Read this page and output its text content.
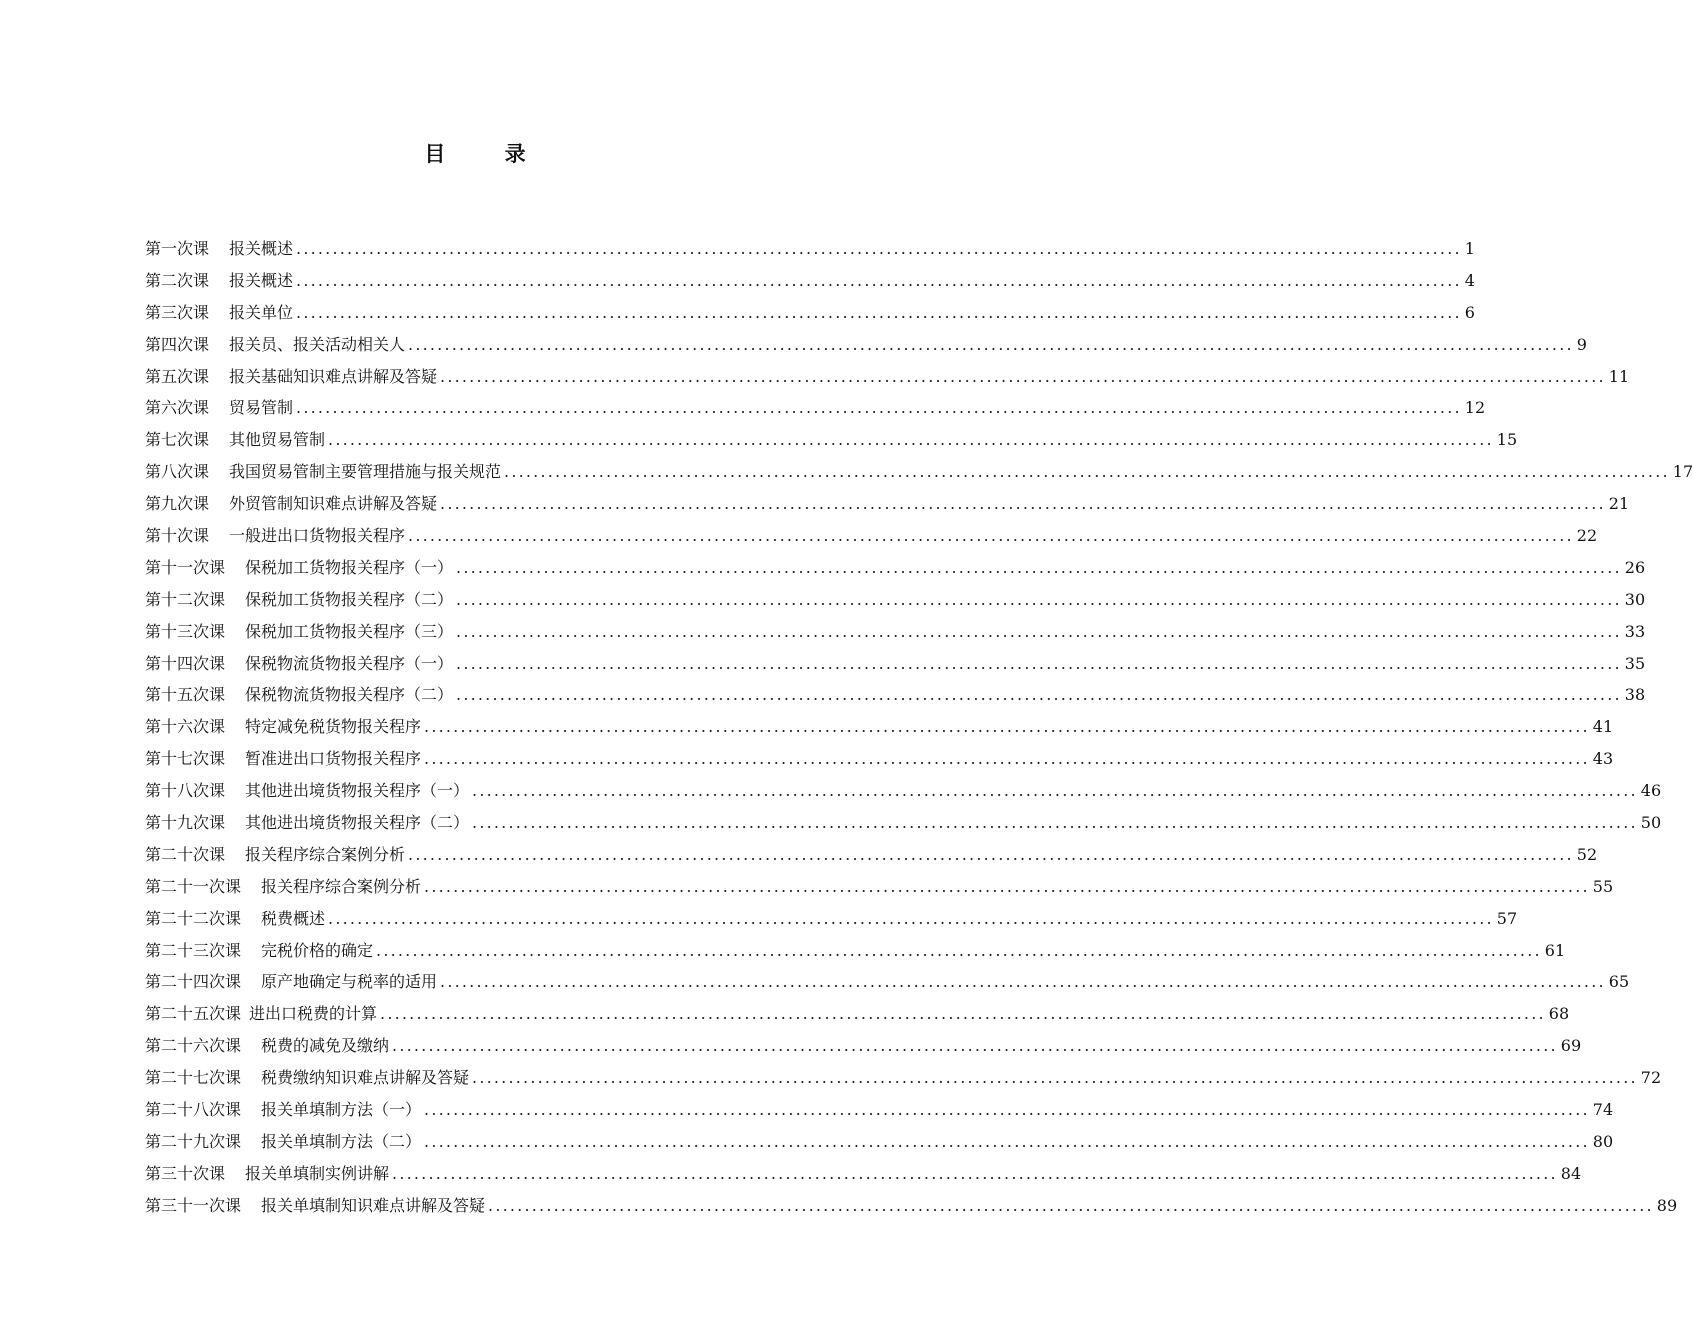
目 录
第一次课 报关概述 ................................................................................................................................................................ 1
第二次课 报关概述 ................................................................................................................................................................ 4
第三次课 报关单位 ................................................................................................................................................................ 6
第四次课 报关员、报关活动相关人 ................................................................................................................................................................ 9
第五次课 报关基础知识难点讲解及答疑 ................................................................................................................................................................ 11
第六次课 贸易管制 ................................................................................................................................................................ 12
第七次课 其他贸易管制 ................................................................................................................................................................ 15
第八次课 我国贸易管制主要管理措施与报关规范 ................................................................................................................................................................ 17
第九次课 外贸管制知识难点讲解及答疑 ................................................................................................................................................................ 21
第十次课 一般进出口货物报关程序 ................................................................................................................................................................ 22
第十一次课 保税加工货物报关程序（一） ................................................................................................................................................................ 26
第十二次课 保税加工货物报关程序（二） ................................................................................................................................................................ 30
第十三次课 保税加工货物报关程序（三） ................................................................................................................................................................ 33
第十四次课 保税物流货物报关程序（一） ................................................................................................................................................................ 35
第十五次课 保税物流货物报关程序（二） ................................................................................................................................................................ 38
第十六次课 特定减免税货物报关程序 ................................................................................................................................................................ 41
第十七次课 暂准进出口货物报关程序 ................................................................................................................................................................ 43
第十八次课 其他进出境货物报关程序（一） ................................................................................................................................................................ 46
第十九次课 其他进出境货物报关程序（二） ................................................................................................................................................................ 50
第二十次课 报关程序综合案例分析 ................................................................................................................................................................ 52
第二十一次课 报关程序综合案例分析 ................................................................................................................................................................ 55
第二十二次课 税费概述 ................................................................................................................................................................ 57
第二十三次课 完税价格的确定 ................................................................................................................................................................ 61
第二十四次课 原产地确定与税率的适用 ................................................................................................................................................................ 65
第二十五次课 进出口税费的计算 ................................................................................................................................................................ 68
第二十六次课 税费的减免及缴纳 ................................................................................................................................................................ 69
第二十七次课 税费缴纳知识难点讲解及答疑 ................................................................................................................................................................ 72
第二十八次课 报关单填制方法（一） ................................................................................................................................................................ 74
第二十九次课 报关单填制方法（二） ................................................................................................................................................................ 80
第三十次课 报关单填制实例讲解 ................................................................................................................................................................ 84
第三十一次课 报关单填制知识难点讲解及答疑 ................................................................................................................................................................ 89
